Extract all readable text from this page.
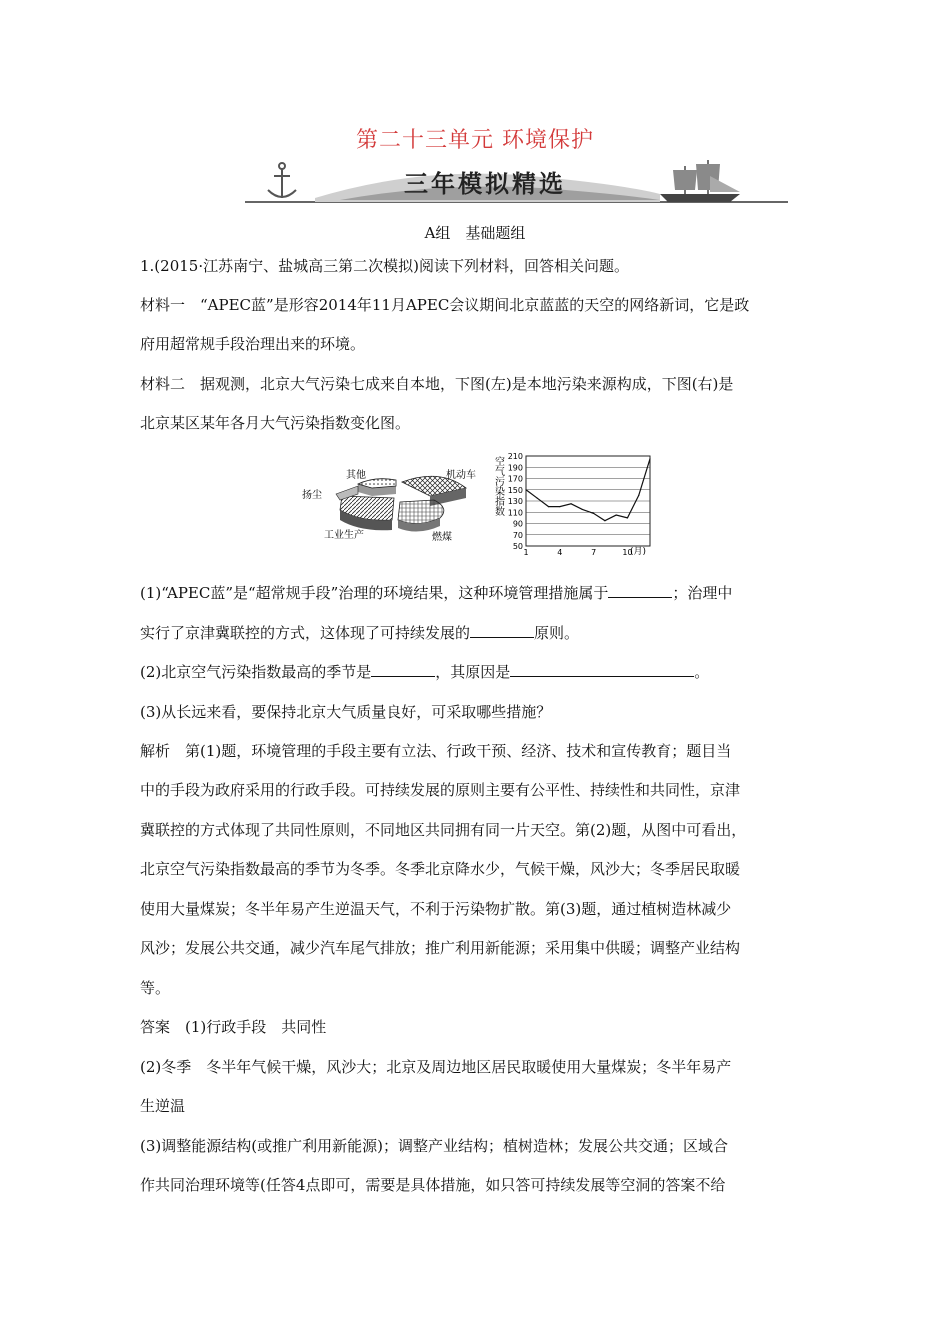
第二十三单元 环境保护
三年模拟精选
A组　基础题组
1.(2015·江苏南宁、盐城高三第二次模拟)阅读下列材料，回答相关问题。
材料一　“APEC蓝”是形容2014年11月APEC会议期间北京蓝蓝的天空的网络新词，它是政
府用超常规手段治理出来的环境。
材料二　据观测，北京大气污染七成来自本地，下图(左)是本地污染来源构成，下图(右)是
北京某区某年各月大气污染指数变化图。
其他	机动车
燃煤
工业生产
扬尘
210
190
170
150
130
110
90
70
50
1	4	7	10
空气污染指数
(月)
(1)“APEC蓝”是“超常规手段”治理的环境结果，这种环境管理措施属于	；治理中
实行了京津冀联控的方式，这体现了可持续发展的	原则。
(2)北京空气污染指数最高的季节是	，其原因是	。
(3)从长远来看，要保持北京大气质量良好，可采取哪些措施？
解析　第(1)题，环境管理的手段主要有立法、行政干预、经济、技术和宣传教育；题目当
中的手段为政府采用的行政手段。可持续发展的原则主要有公平性、持续性和共同性，京津
冀联控的方式体现了共同性原则，不同地区共同拥有同一片天空。第(2)题，从图中可看出，
北京空气污染指数最高的季节为冬季。冬季北京降水少，气候干燥，风沙大；冬季居民取暖
使用大量煤炭；冬半年易产生逆温天气，不利于污染物扩散。第(3)题，通过植树造林减少
风沙；发展公共交通，减少汽车尾气排放；推广利用新能源；采用集中供暖；调整产业结构
等。
答案　(1)行政手段　共同性
(2)冬季　冬半年气候干燥，风沙大；北京及周边地区居民取暖使用大量煤炭；冬半年易产
生逆温
(3)调整能源结构(或推广利用新能源)；调整产业结构；植树造林；发展公共交通；区域合
作共同治理环境等(任答4点即可，需要是具体措施，如只答可持续发展等空洞的答案不给
